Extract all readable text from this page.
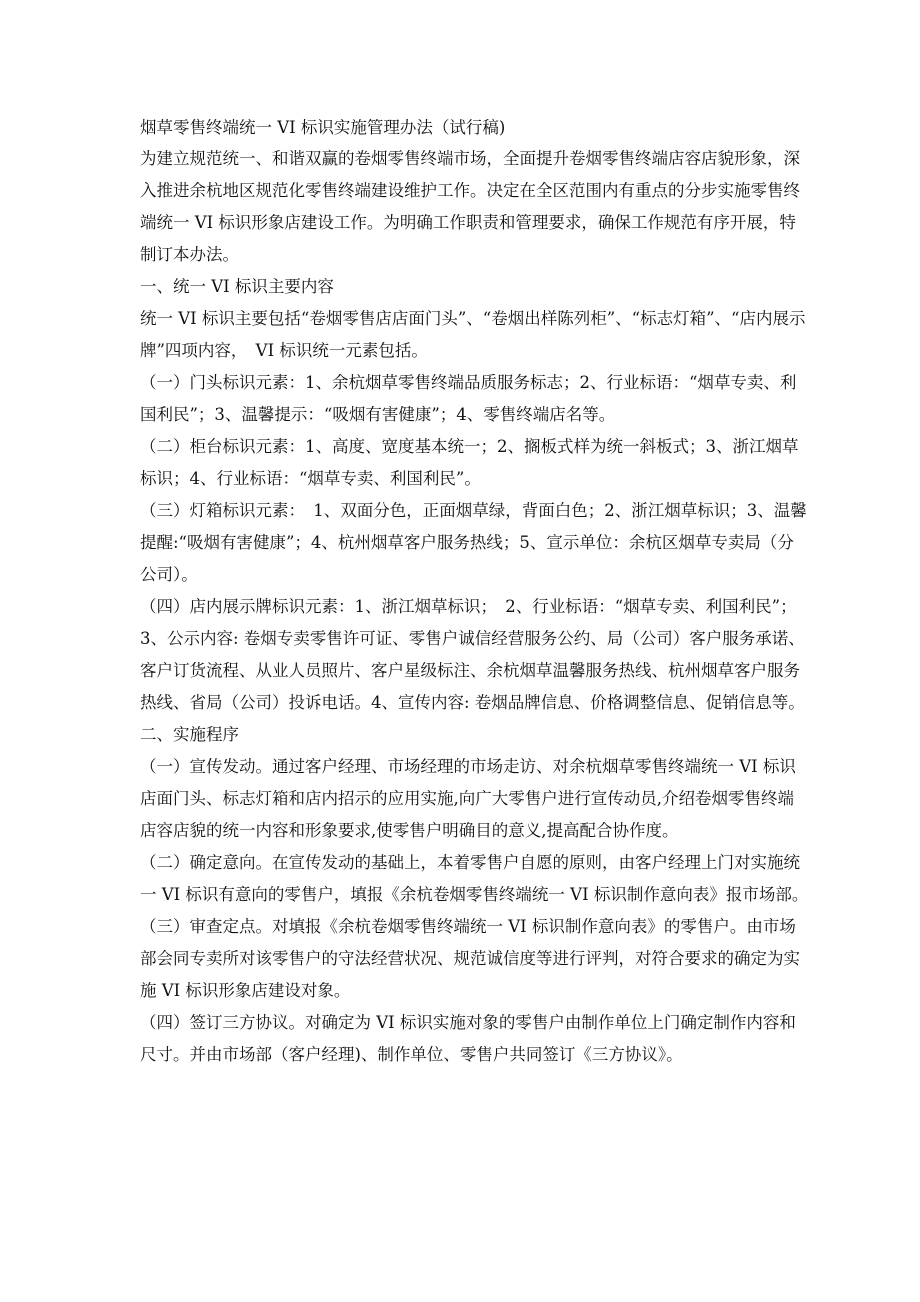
烟草零售终端统一 VI 标识实施管理办法（试行稿)

为建立规范统一、和谐双赢的卷烟零售终端市场，全面提升卷烟零售终端店容店貌形象，深

入推进余杭地区规范化零售终端建设维护工作。决定在全区范围内有重点的分步实施零售终

端统一 VI 标识形象店建设工作。为明确工作职责和管理要求，确保工作规范有序开展，特

制订本办法。

一、统一 VI 标识主要内容

统一 VI 标识主要包括“卷烟零售店店面门头”、“卷烟出样陈列柜”、“标志灯箱”、“店内展示

牌”四项内容，　VI 标识统一元素包括。

（一）门头标识元素：1、余杭烟草零售终端品质服务标志；2、行业标语：“烟草专卖、利

国利民”；3、温馨提示：“吸烟有害健康”；4、零售终端店名等。

（二）柜台标识元素：1、高度、宽度基本统一；2、搁板式样为统一斜板式；3、浙江烟草

标识；4、行业标语：“烟草专卖、利国利民”。

（三）灯箱标识元素：　1、双面分色，正面烟草绿，背面白色；2、浙江烟草标识；3、温馨

提醒:“吸烟有害健康”；4、杭州烟草客户服务热线；5、宣示单位：余杭区烟草专卖局（分

公司）。

（四）店内展示牌标识元素：1、浙江烟草标识；　2、行业标语：“烟草专卖、利国利民”；

3、公示内容: 卷烟专卖零售许可证、零售户诚信经营服务公约、局（公司）客户服务承诺、

客户订货流程、从业人员照片、客户星级标注、余杭烟草温馨服务热线、杭州烟草客户服务

热线、省局（公司）投诉电话。4、宣传内容: 卷烟品牌信息、价格调整信息、促销信息等。

二、实施程序

（一）宣传发动。通过客户经理、市场经理的市场走访、对余杭烟草零售终端统一 VI 标识

店面门头、标志灯箱和店内招示的应用实施,向广大零售户进行宣传动员,介绍卷烟零售终端

店容店貌的统一内容和形象要求,使零售户明确目的意义,提高配合协作度。

（二）确定意向。在宣传发动的基础上，本着零售户自愿的原则，由客户经理上门对实施统

一 VI 标识有意向的零售户，填报《余杭卷烟零售终端统一 VI 标识制作意向表》报市场部。

（三）审查定点。对填报《余杭卷烟零售终端统一 VI 标识制作意向表》的零售户。由市场

部会同专卖所对该零售户的守法经营状况、规范诚信度等进行评判，对符合要求的确定为实

施 VI 标识形象店建设对象。

（四）签订三方协议。对确定为 VI 标识实施对象的零售户由制作单位上门确定制作内容和

尺寸。并由市场部（客户经理)、制作单位、零售户共同签订《三方协议》。
